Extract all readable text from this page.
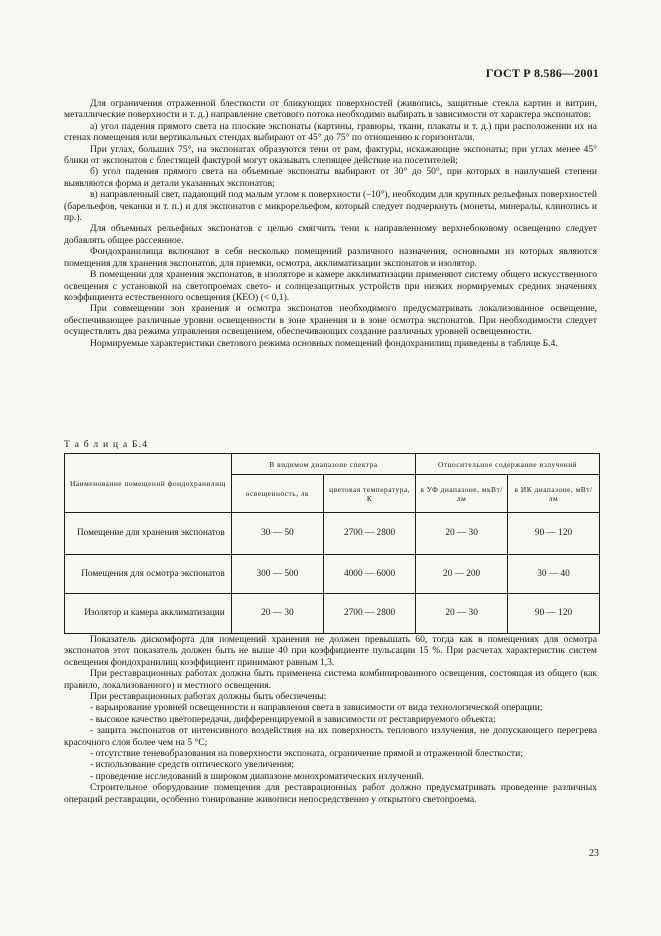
ГОСТ Р 8.586—2001

Для ограничения отраженной блесткости от бликующих поверхностей (живопись, защитные стекла картин и витрин, металлические поверхности и т. д.) направление светового потока необходимо выбирать в зависимости от характера экспонатов:

а) угол падения прямого света на плоские экспонаты (картины, гравюры, ткани, плакаты и т. д.) при расположении их на стенах помещения или вертикальных стендах выбирают от 45° до 75° по отношению к горизонтали.

При углах, больших 75°, на экспонатах образуются тени от рам, фактуры, искажающие экспонаты; при углах менее 45° блики от экспонатов с блестящей фактурой могут оказывать слепящее действие на посетителей;

б) угол падения прямого света на объемные экспонаты выбирают от 30° до 50°, при которых в наилучшей степени выявляются форма и детали указанных экспонатов;

в) направленный свет, падающий под малым углом к поверхности (–10°), необходим для крупных рельефных поверхностей (барельефов, чеканки и т. п.) и для экспонатов с микрорельефом, который следует подчеркнуть (монеты, минералы, клинопись и пр.).

Для объемных рельефных экспонатов с целью смягчить тени к направленному верхнебоковому освещению следует добавлять общее рассеянное.

Фондохранилища включают в себя несколько помещений различного назначения, основными из которых являются помещения для хранения экспонатов, для приемки, осмотра, акклиматизации экспонатов и изолятор.

В помещении для хранения экспонатов, в изоляторе и камере акклиматизации применяют систему общего искусственного освещения с установкой на светопроемах свето- и солнцезащитных устройств при низких нормируемых средних значениях коэффициента естественного освещения (КЕО) (< 0,1).

При совмещении зон хранения и осмотра экспонатов необходимого предусматривать локализованное освещение, обеспечивающее различные уровни освещенности в зоне хранения и в зоне осмотра экспонатов. При необходимости следует осуществлять два режима управления освещением, обеспечивающих создание различных уровней освещенности.

Нормируемые характеристики светового режима основных помещений фондохранилищ приведены в таблице Б.4.

Т а б л и ц а Б.4
Наименование помещений фондохранилищ	В видимом диапазоне спектра		Относительное содержание излучений	
	освещенность, лк	цветовая температура, К	в УФ диапазоне, мкВт/лм	в ИК диапазоне, мВт/лм
Помещение для хранения экспонатов	30 — 50	2700 — 2800	20 — 30	90 — 120
Помещения для осмотра экспонатов	300 — 500	4000 — 6000	20 — 200	30 — 40
Изолятор и камера акклиматизации	20 — 30	2700 — 2800	20 — 30	90 — 120

Показатель дискомфорта для помещений хранения не должен превышать 60, тогда как в помещениях для осмотра экспонатов этот показатель должен быть не выше 40 при коэффициенте пульсации 15 %. При расчетах характеристик систем освещения фондохранилищ коэффициент принимают равным 1,3.

При реставрационных работах должна быть применена система комбинированного освещения, состоящая из общего (как правило, локализованного) и местного освещения.

При реставрационных работах должны быть обеспечены:

- варьирование уровней освещенности и направления света в зависимости от вида технологической операции;

- высокое качество цветопередачи, дифференцируемой в зависимости от реставрируемого объекта;

- защита экспонатов от интенсивного воздействия на их поверхность теплового излучения, не допускающего перегрева красочного слоя более чем на 5 °С;

- отсутствие теневобразования на поверхности экспоната, ограничение прямой и отраженной блесткости;

- использование средств оптического увеличения;

- проведение исследований в широком диапазоне монохроматических излучений.

Строительное оборудование помещения для реставрационных работ должно предусматривать проведение различных операций реставрации, особенно тонирование живописи непосредственно у открытого светопроема.

23
